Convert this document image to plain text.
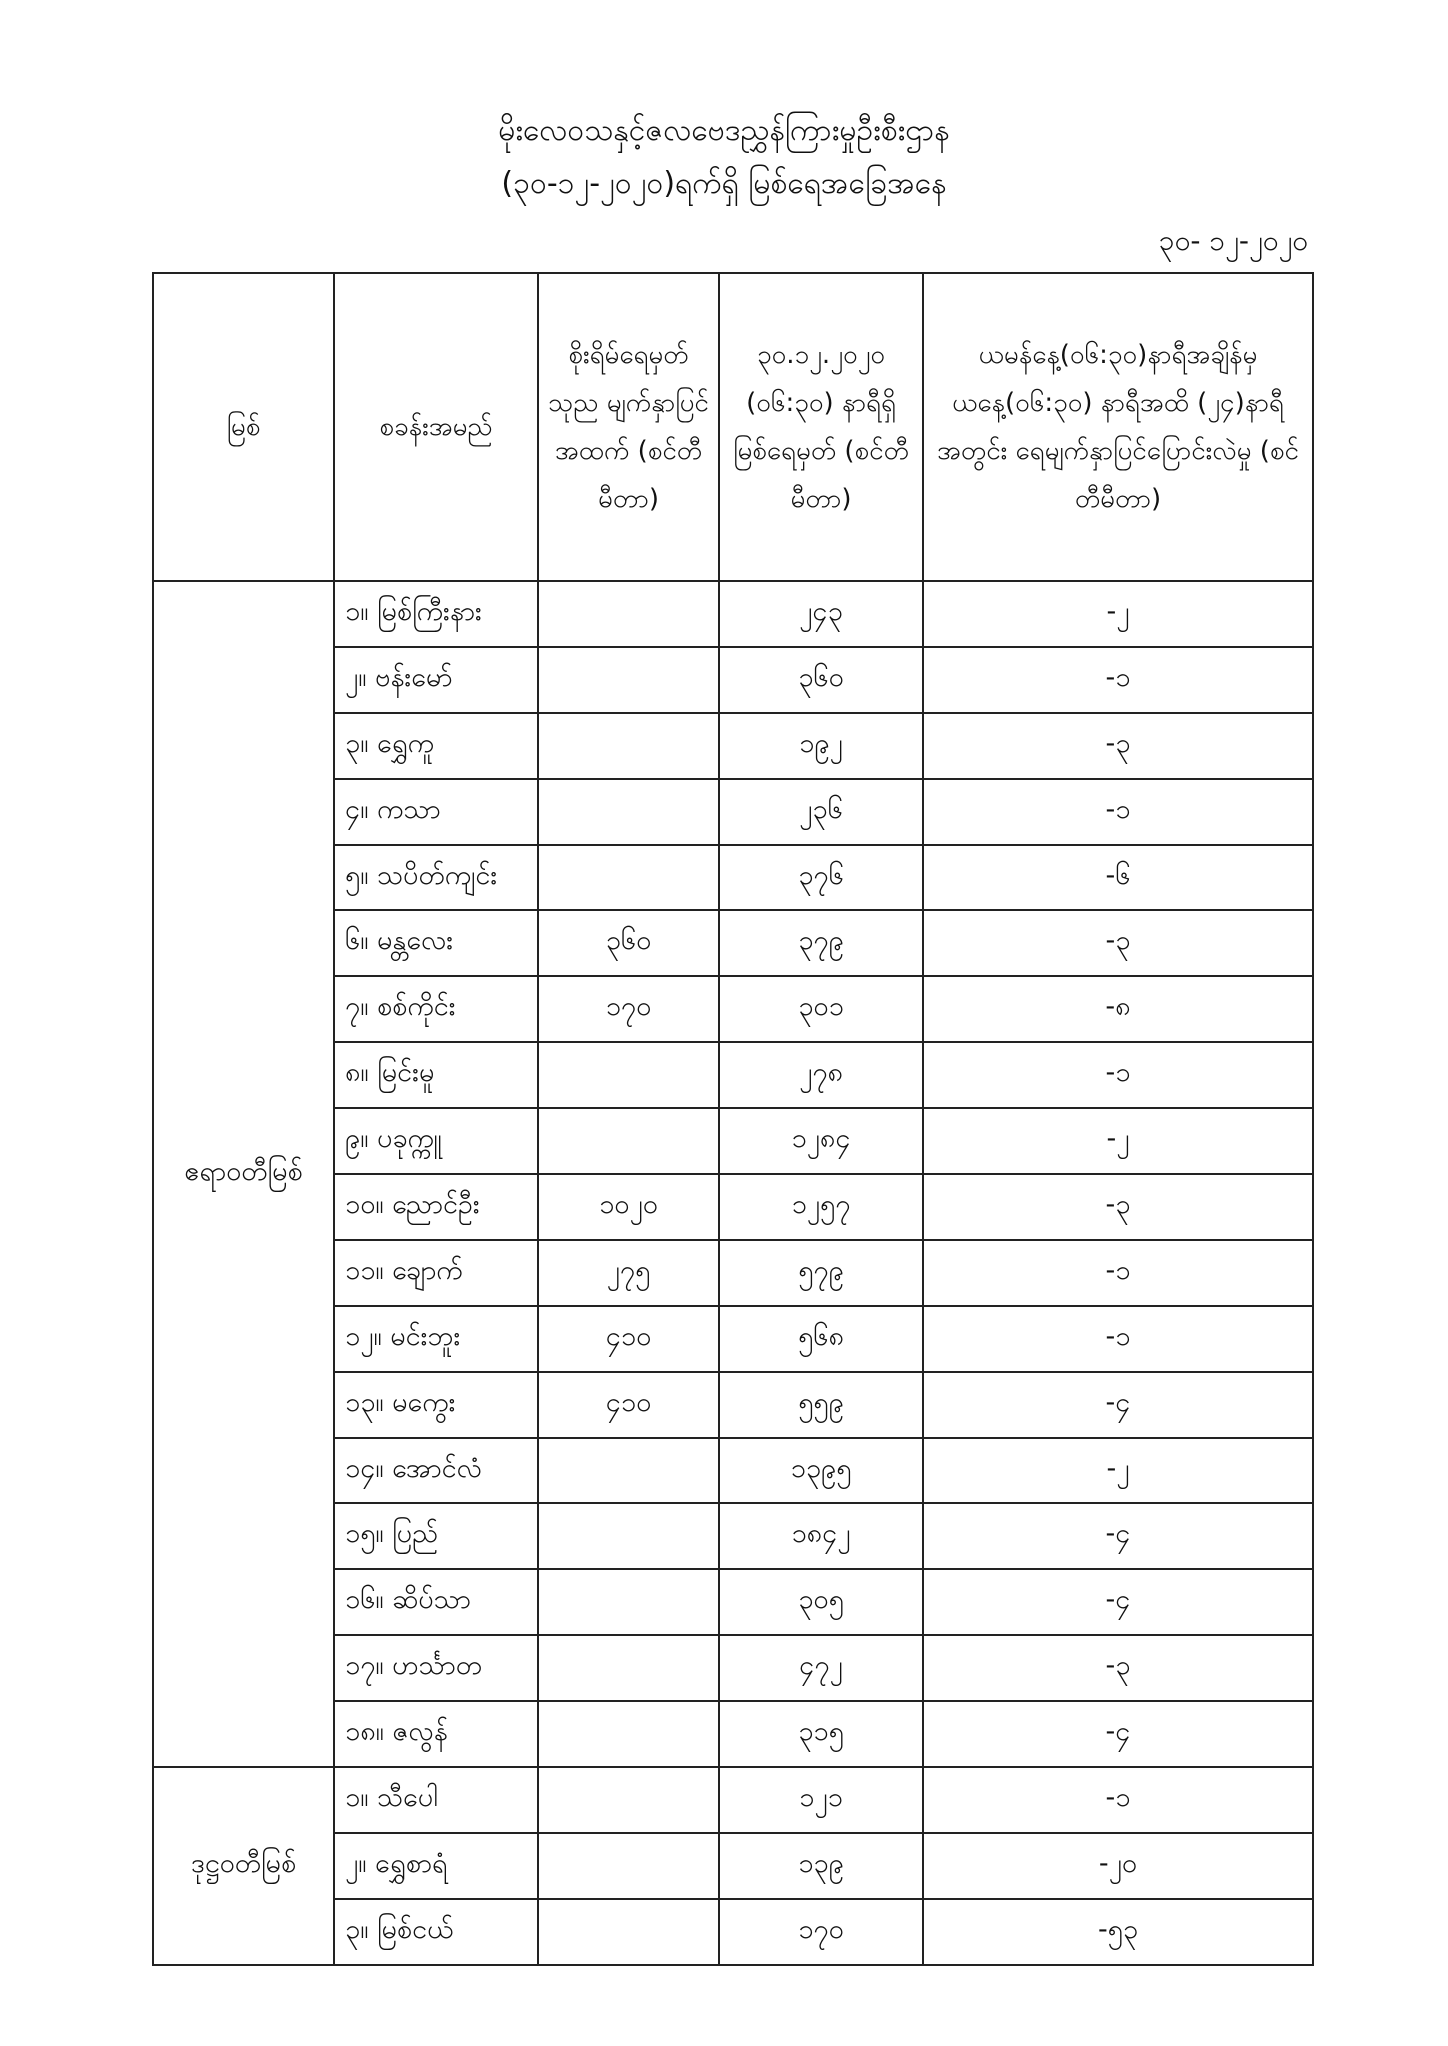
မိုးလေဝသနှင့်ဇလဗေဒညွှန်ကြားမှုဦးစီးဌာန
(၃၀-၁၂-၂၀၂၀)ရက်ရှိ မြစ်ရေအခြေအနေ
၃၀- ၁၂-၂၀၂၀
မြစ်	စခန်းအမည်	စိုးရိမ်ရေမှတ် သုည မျက်နှာပြင် အထက် (စင်တီမီတာ)	၃၀.၁၂.၂၀၂၀ (၀၆:၃၀) နာရီရှိ မြစ်ရေမှတ် (စင်တီမီတာ)	ယမန်နေ့(၀၆:၃၀)နာရီအချိန်မှ ယနေ့(၀၆:၃၀) နာရီအထိ (၂၄)နာရီအတွင်း ရေမျက်နှာပြင်ပြောင်းလဲမှု (စင်တီမီတာ)
ဧရာဝတီမြစ်	၁။ မြစ်ကြီးနား		၂၄၃	-၂
	၂။ ဗန်းမော်		၃၆၀	-၁
	၃။ ရွှေကူ		၁၉၂	-၃
	၄။ ကသာ		၂၃၆	-၁
	၅။ သပိတ်ကျင်း		၃၇၆	-၆
	၆။ မန္တလေး	၃၆၀	၃၇၉	-၃
	၇။ စစ်ကိုင်း	၁၇၀	၃၀၁	-၈
	၈။ မြင်းမူ		၂၇၈	-၁
	၉။ ပခုက္ကူ		၁၂၈၄	-၂
	၁၀။ ညောင်ဦး	၁၀၂၀	၁၂၅၇	-၃
	၁၁။ ချောက်	၂၇၅	၅၇၉	-၁
	၁၂။ မင်းဘူး	၄၁၀	၅၆၈	-၁
	၁၃။ မကွေး	၄၁၀	၅၅၉	-၄
	၁၄။ အောင်လံ		၁၃၉၅	-၂
	၁၅။ ပြည်		၁၈၄၂	-၄
	၁၆။ ဆိပ်သာ		၃၀၅	-၄
	၁၇။ ဟင်္သာတ		၄၇၂	-၃
	၁၈။ ဇလွန်		၃၁၅	-၄
ဒုဋ္ဌဝတီမြစ်	၁။ သီပေါ		၁၂၁	-၁
	၂။ ရွှေစာရံ		၁၃၉	-၂၀
	၃။ မြစ်ငယ်		၁၇၀	-၅၃
